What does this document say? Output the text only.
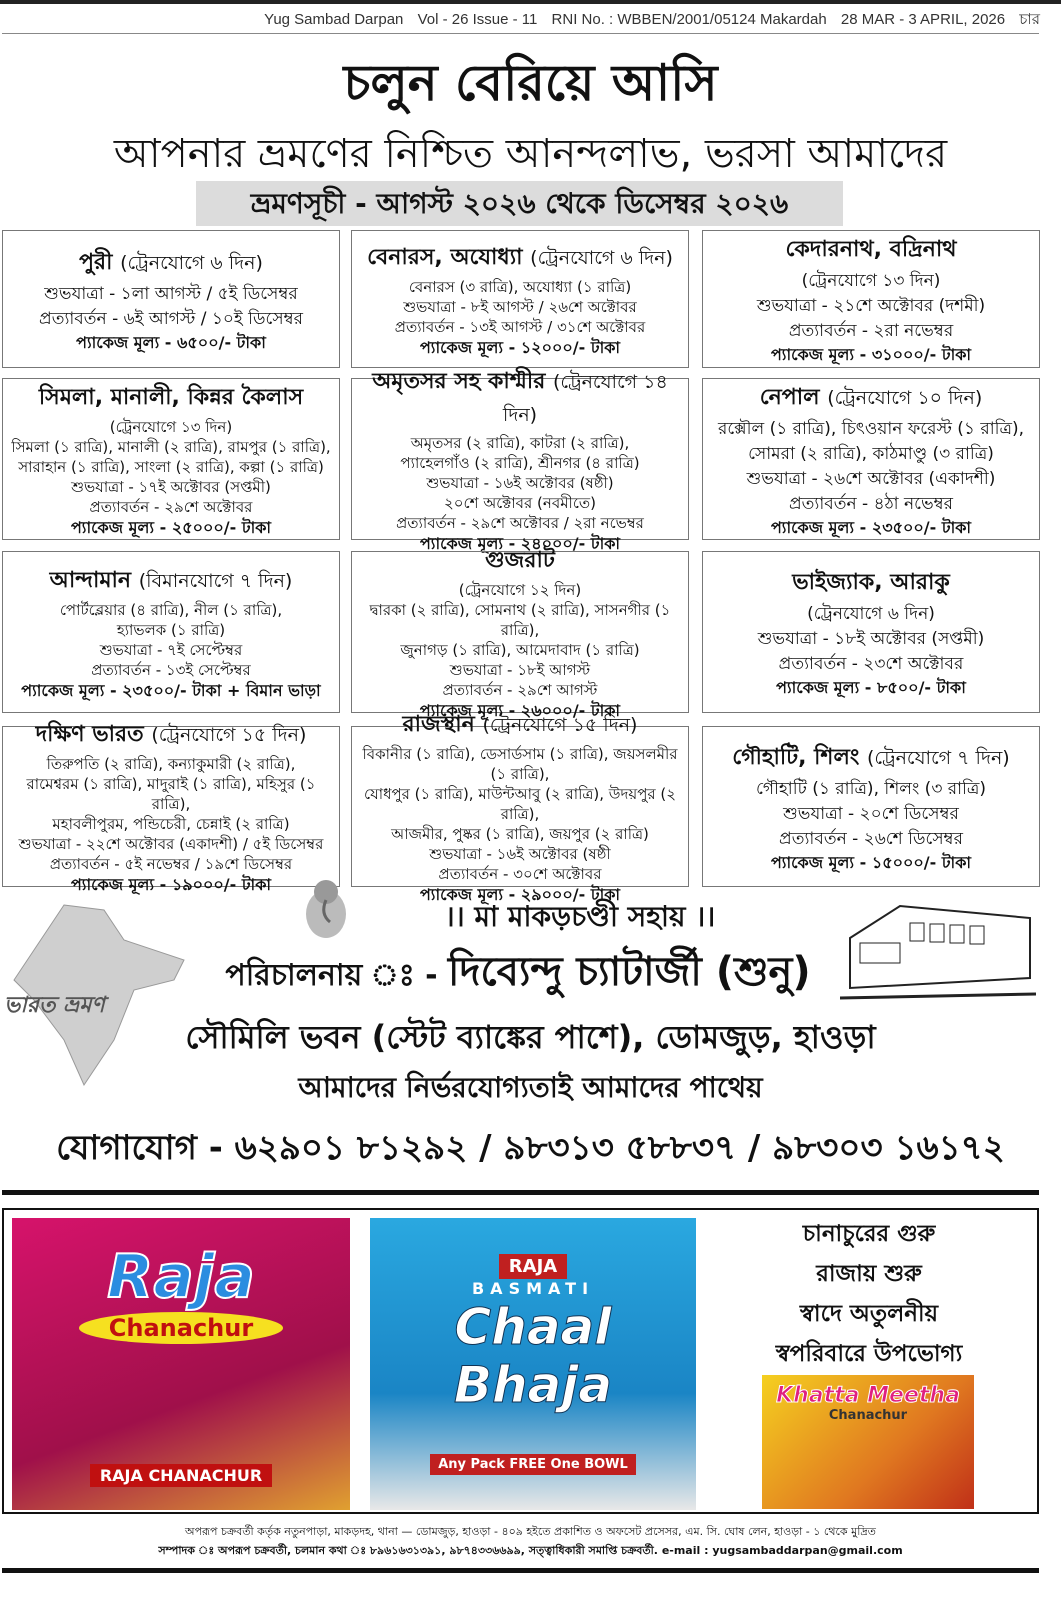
Yug Sambad Darpan Vol - 26 Issue - 11 RNI No. : WBBEN/2001/05124 Makardah 28 MAR - 3 APRIL, 2026 চার
চলুন বেরিয়ে আসি
আপনার ভ্রমণের নিশ্চিত আনন্দলাভ, ভরসা আমাদের
ভ্রমণসূচী - আগস্ট ২০২৬ থেকে ডিসেম্বর ২০২৬
পুরী (ট্রেনযোগে ৬ দিন)
শুভযাত্রা - ১লা আগস্ট / ৫ই ডিসেম্বর
প্রত্যাবর্তন - ৬ই আগস্ট / ১০ই ডিসেম্বর
প্যাকেজ মূল্য - ৬৫০০/- টাকা
বেনারস, অযোধ্যা (ট্রেনযোগে ৬ দিন)
বেনারস (৩ রাত্রি), অযোধ্যা (১ রাত্রি)
শুভযাত্রা - ৮ই আগস্ট / ২৬শে অক্টোবর
প্রত্যাবর্তন - ১৩ই আগস্ট / ৩১শে অক্টোবর
প্যাকেজ মূল্য - ১২০০০/- টাকা
কেদারনাথ, বদ্রিনাথ
(ট্রেনযোগে ১৩ দিন)
শুভযাত্রা - ২১শে অক্টোবর (দশমী)
প্রত্যাবর্তন - ২রা নভেম্বর
প্যাকেজ মূল্য - ৩১০০০/- টাকা
সিমলা, মানালী, কিন্নর কৈলাস
(ট্রেনযোগে ১৩ দিন)
সিমলা (১ রাত্রি), মানালী (২ রাত্রি), রামপুর (১ রাত্রি),
সারাহান (১ রাত্রি), সাংলা (২ রাত্রি), কল্পা (১ রাত্রি)
শুভযাত্রা - ১৭ই অক্টোবর (সপ্তমী)
প্রত্যাবর্তন - ২৯শে অক্টোবর
প্যাকেজ মূল্য - ২৫০০০/- টাকা
অমৃতসর সহ কাশ্মীর (ট্রেনযোগে ১৪ দিন)
অমৃতসর (২ রাত্রি), কাটরা (২ রাত্রি),
প্যাহেলগাঁও (২ রাত্রি), শ্রীনগর (৪ রাত্রি)
শুভযাত্রা - ১৬ই অক্টোবর (ষষ্ঠী)
২০শে অক্টোবর (নবমীতে)
প্রত্যাবর্তন - ২৯শে অক্টোবর / ২রা নভেম্বর
প্যাকেজ মূল্য - ২৪০০০/- টাকা
নেপাল (ট্রেনযোগে ১০ দিন)
রক্সৌল (১ রাত্রি), চিৎওয়ান ফরেস্ট (১ রাত্রি),
সোমরা (২ রাত্রি), কাঠমাণ্ডু (৩ রাত্রি)
শুভযাত্রা - ২৬শে অক্টোবর (একাদশী)
প্রত্যাবর্তন - ৪ঠা নভেম্বর
প্যাকেজ মূল্য - ২৩৫০০/- টাকা
আন্দামান (বিমানযোগে ৭ দিন)
পোর্টব্লেয়ার (৪ রাত্রি), নীল (১ রাত্রি),
হ্যাভলক (১ রাত্রি)
শুভযাত্রা - ৭ই সেপ্টেম্বর
প্রত্যাবর্তন - ১৩ই সেপ্টেম্বর
প্যাকেজ মূল্য - ২৩৫০০/- টাকা + বিমান ভাড়া
গুজরাট
(ট্রেনযোগে ১২ দিন)
দ্বারকা (২ রাত্রি), সোমনাথ (২ রাত্রি), সাসনগীর (১ রাত্রি),
জুনাগড় (১ রাত্রি), আমেদাবাদ (১ রাত্রি)
শুভযাত্রা - ১৮ই আগস্ট
প্রত্যাবর্তন - ২৯শে আগস্ট
প্যাকেজ মূল্য - ২৬০০০/- টাকা
ভাইজ্যাক, আরাকু
(ট্রেনযোগে ৬ দিন)
শুভযাত্রা - ১৮ই অক্টোবর (সপ্তমী)
প্রত্যাবর্তন - ২৩শে অক্টোবর
প্যাকেজ মূল্য - ৮৫০০/- টাকা
দক্ষিণ ভারত (ট্রেনযোগে ১৫ দিন)
তিরুপতি (২ রাত্রি), কন্যাকুমারী (২ রাত্রি),
রামেশ্বরম (১ রাত্রি), মাদুরাই (১ রাত্রি), মহিসুর (১ রাত্রি),
মহাবলীপুরম, পন্ডিচেরী, চেন্নাই (২ রাত্রি)
শুভযাত্রা - ২২শে অক্টোবর (একাদশী) / ৫ই ডিসেম্বর
প্রত্যাবর্তন - ৫ই নভেম্বর / ১৯শে ডিসেম্বর
প্যাকেজ মূল্য - ১৯০০০/- টাকা
রাজস্থান (ট্রেনযোগে ১৫ দিন)
বিকানীর (১ রাত্রি), ডেসার্ডসাম (১ রাত্রি), জয়সলমীর (১ রাত্রি),
যোধপুর (১ রাত্রি), মাউন্টআবু (২ রাত্রি), উদয়পুর (২ রাত্রি),
আজমীর, পুষ্কর (১ রাত্রি), জয়পুর (২ রাত্রি)
শুভযাত্রা - ১৬ই অক্টোবর (ষষ্ঠী
প্রত্যাবর্তন - ৩০শে অক্টোবর
প্যাকেজ মূল্য - ২৯০০০/- টাকা
গৌহাটি, শিলং (ট্রেনযোগে ৭ দিন)
গৌহাটি (১ রাত্রি), শিলং (৩ রাত্রি)
শুভযাত্রা - ২০শে ডিসেম্বর
প্রত্যাবর্তন - ২৬শে ডিসেম্বর
প্যাকেজ মূল্য - ১৫০০০/- টাকা
।। মা মাকড়চণ্ডী সহায় ।।
ভারত ভ্রমণ
পরিচালনায় ঃ - দিব্যেন্দু চ্যাটার্জী (শুনু)
সৌমিলি ভবন (স্টেট ব্যাঙ্কের পাশে), ডোমজুড়, হাওড়া
আমাদের নির্ভরযোগ্যতাই আমাদের পাথেয়
যোগাযোগ - ৬২৯০১ ৮১২৯২ / ৯৮৩১৩ ৫৮৮৩৭ / ৯৮৩০৩ ১৬১৭২
Raja
Chanachur
RAJA CHANACHUR
RAJA
BASMATI
Chaal
Bhaja
Any Pack FREE One BOWL
চানাচুরের গুরু
রাজায় শুরু
স্বাদে অতুলনীয়
স্বপরিবারে উপভোগ্য
Khatta Meetha
Chanachur
অপরূপ চক্রবর্তী কর্তৃক নতুনপাড়া, মাকড়দহ, থানা — ডোমজুড়, হাওড়া - ৪০৯ হইতে প্রকাশিত ও অফসেট প্রসেসর, এম. সি. ঘোষ লেন, হাওড়া - ১ থেকে মুদ্রিত
সম্পাদক ঃ অপরূপ চক্রবর্তী, চলমান কথা ঃ ৮৯৬১৬৩১৩৯১, ৯৮৭৪৩৩৬৬৯৯, সত্ত্বাধিকারী সমাপ্তি চক্রবর্তী. e-mail : yugsambaddarpan@gmail.com
